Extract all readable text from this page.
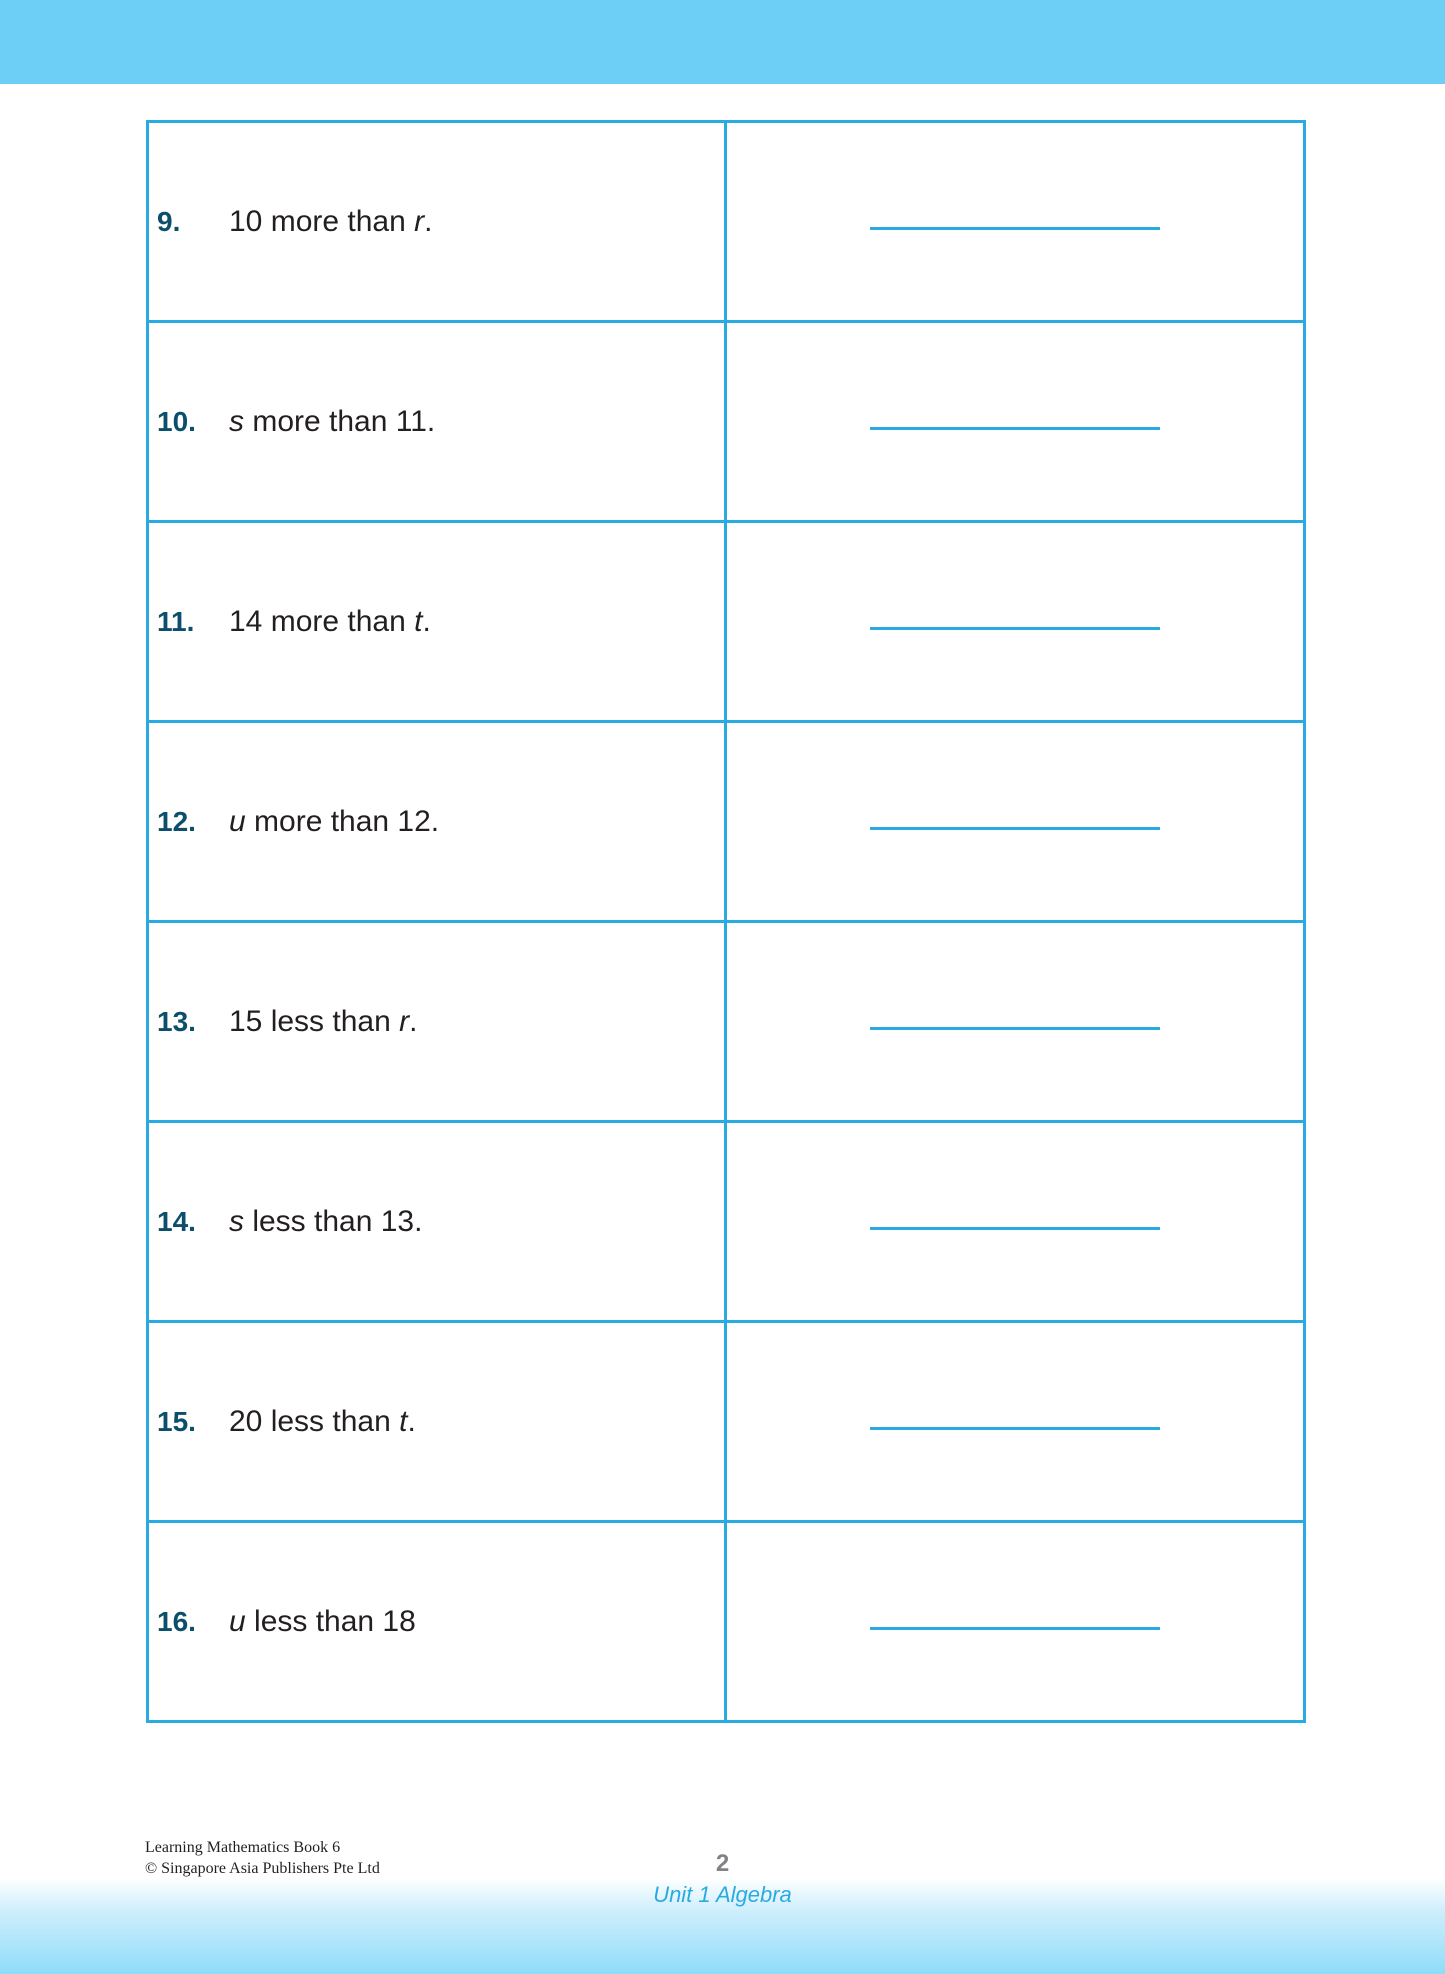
9. 10 more than r.	

10. s more than 11.	

11. 14 more than t.	

12. u more than 12.	

13. 15 less than r.	

14. s less than 13.	

15. 20 less than t.	

16. u less than 18	
Learning Mathematics Book 6
© Singapore Asia Publishers Pte Ltd	2
Unit 1 Algebra
